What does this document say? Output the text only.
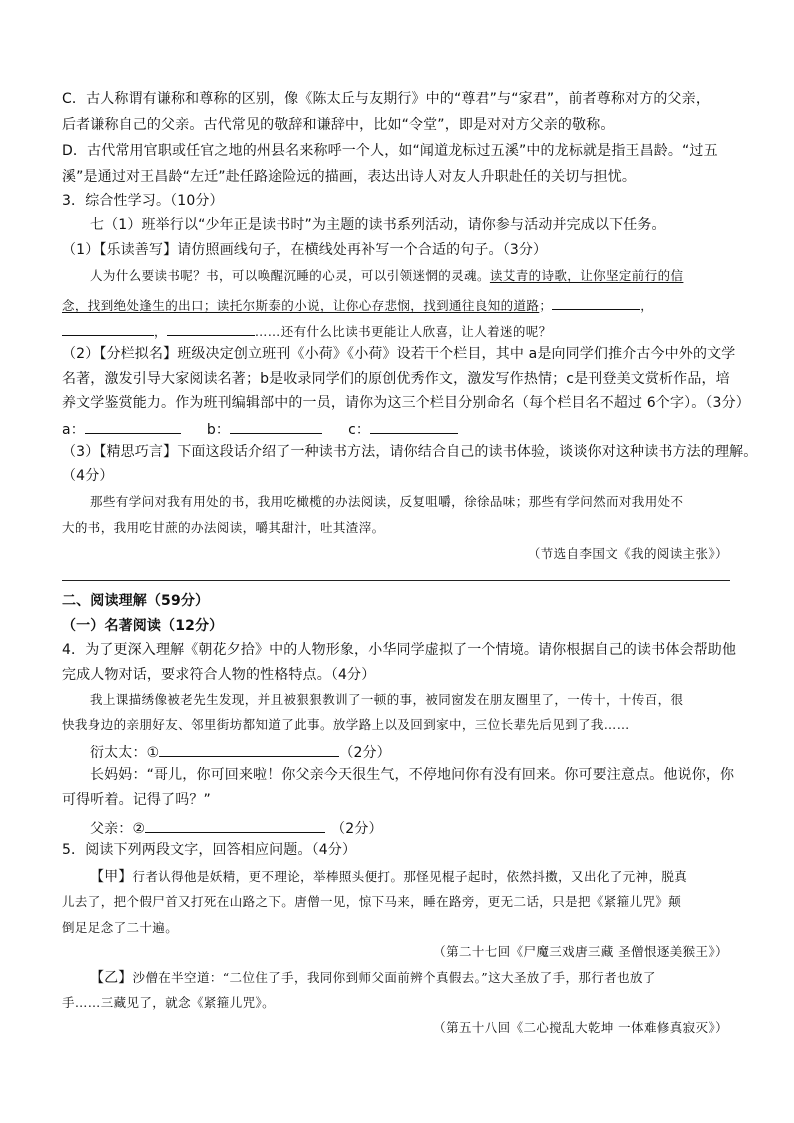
C．古人称谓有谦称和尊称的区别，像《陈太丘与友期行》中的“尊君”与“家君”，前者尊称对方的父亲，
后者谦称自己的父亲。古代常见的敬辞和谦辞中，比如“令堂”，即是对对方父亲的敬称。
D．古代常用官职或任官之地的州县名来称呼一个人，如“闻道龙标过五溪”中的龙标就是指王昌龄。“过五
溪”是通过对王昌龄“左迁”赴任路途险远的描画，表达出诗人对友人升职赴任的关切与担忧。
3．综合性学习。（10分）
七（1）班举行以“少年正是读书时”为主题的读书系列活动，请你参与活动并完成以下任务。
（1）【乐读善写】请仿照画线句子，在横线处再补写一个合适的句子。（3分）
人为什么要读书呢？书，可以唤醒沉睡的心灵，可以引领迷惘的灵魂。读艾青的诗歌，让你坚定前行的信
念，找到绝处逢生的出口；读托尔斯泰的小说，让你心存悲悯，找到通往良知的道路；	，
，	……还有什么比读书更能让人欣喜，让人着迷的呢？
（2）【分栏拟名】班级决定创立班刊《小荷》《小荷》设若干个栏目，其中 a是向同学们推介古今中外的文学
名著，激发引导大家阅读名著；b是收录同学们的原创优秀作文，激发写作热情；c是刊登美文赏析作品，培
养文学鉴赏能力。作为班刊编辑部中的一员，请你为这三个栏目分别命名（每个栏目名不超过 6个字）。（3分）
a：	b：	c：
（3）【精思巧言】下面这段话介绍了一种读书方法，请你结合自己的读书体验，谈谈你对这种读书方法的理解。
（4分）
那些有学问对我有用处的书，我用吃橄榄的办法阅读，反复咀嚼，徐徐品味；那些有学问然而对我用处不
大的书，我用吃甘蔗的办法阅读，嚼其甜汁，吐其渣滓。
（节选自李国文《我的阅读主张》）
二、阅读理解（59分）
（一）名著阅读（12分）
4．为了更深入理解《朝花夕拾》中的人物形象，小华同学虚拟了一个情境。请你根据自己的读书体会帮助他
完成人物对话，要求符合人物的性格特点。（4分）
我上课描绣像被老先生发现，并且被狠狠教训了一顿的事，被同窗发在朋友圈里了，一传十，十传百，很
快我身边的亲朋好友、邻里街坊都知道了此事。放学路上以及回到家中，三位长辈先后见到了我……
衍太太：①	（2分）
长妈妈：“哥儿，你可回来啦！你父亲今天很生气，不停地问你有没有回来。你可要注意点。他说你，你
可得听着。记得了吗？”
父亲：②	（2分）
5．阅读下列两段文字，回答相应问题。（4分）
【甲】行者认得他是妖精，更不理论，举棒照头便打。那怪见棍子起时，依然抖擞，又出化了元神，脱真
儿去了，把个假尸首又打死在山路之下。唐僧一见，惊下马来，睡在路旁，更无二话，只是把《紧箍儿咒》颠
倒足足念了二十遍。
（第二十七回《尸魔三戏唐三藏 圣僧恨逐美猴王》）
【乙】沙僧在半空道：“二位住了手，我同你到师父面前辨个真假去。”这大圣放了手，那行者也放了
手……三藏见了，就念《紧箍儿咒》。
（第五十八回《二心搅乱大乾坤 一体难修真寂灭》）
